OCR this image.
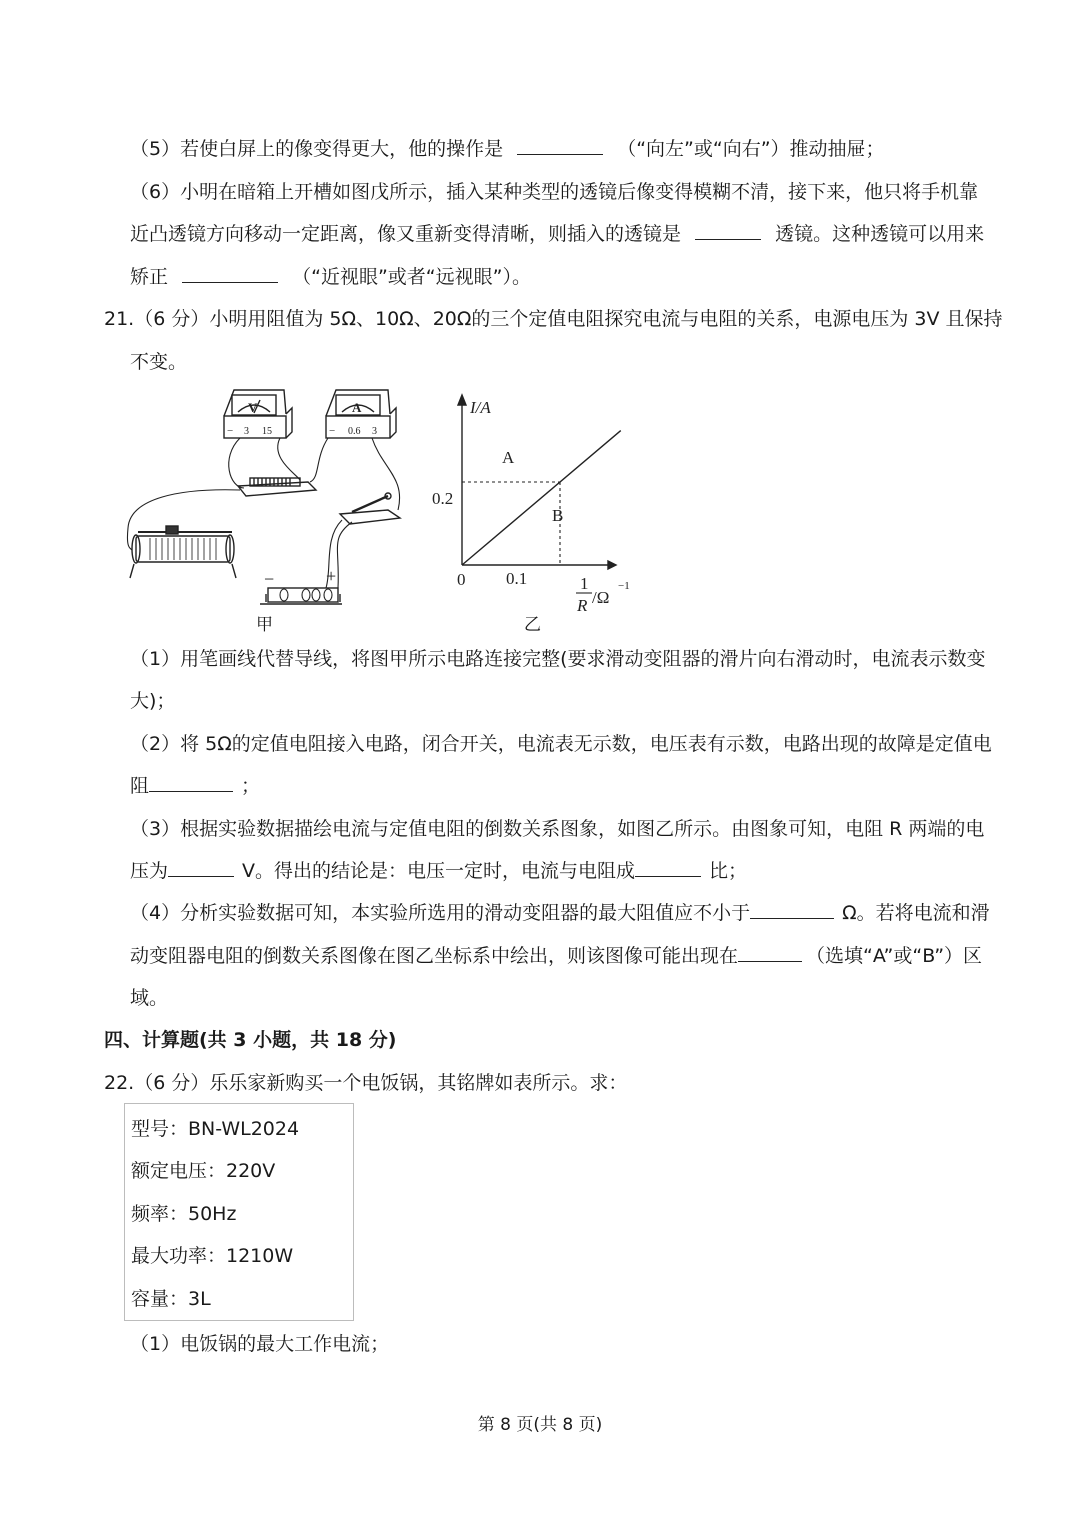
（5）若使白屏上的像变得更大，他的操作是	（“向左”或“向右”）推动抽屉；
（6）小明在暗箱上开槽如图戊所示，插入某种类型的透镜后像变得模糊不清，接下来，他只将手机靠
近凸透镜方向移动一定距离，像又重新变得清晰，则插入的透镜是	透镜。这种透镜可以用来
矫正	（“近视眼”或者“远视眼”）。
21.（6 分）小明用阻值为 5Ω、10Ω、20Ω的三个定值电阻探究电流与电阻的关系，电源电压为 3V 且保持
不变。
V
− 3 15
A
− 0.6 3
−	+
甲
I/A
A
B
0.2
0 0.1	1
R /Ω
−1
乙
（1）用笔画线代替导线，将图甲所示电路连接完整(要求滑动变阻器的滑片向右滑动时，电流表示数变
大)；
（2）将 5Ω的定值电阻接入电路，闭合开关，电流表无示数，电压表有示数，电路出现的故障是定值电
阻	；
（3）根据实验数据描绘电流与定值电阻的倒数关系图象，如图乙所示。由图象可知，电阻 R 两端的电
压为	V。得出的结论是：电压一定时，电流与电阻成	比；
（4）分析实验数据可知，本实验所选用的滑动变阻器的最大阻值应不小于	Ω。若将电流和滑
动变阻器电阻的倒数关系图像在图乙坐标系中绘出，则该图像可能出现在	（选填“A”或“B”）区
域。
四、计算题(共 3 小题，共 18 分)
22.（6 分）乐乐家新购买一个电饭锅，其铭牌如表所示。求：
型号：BN-WL2024
额定电压：220V
频率：50Hz
最大功率：1210W
容量：3L
（1）电饭锅的最大工作电流；
第 8 页(共 8 页)
